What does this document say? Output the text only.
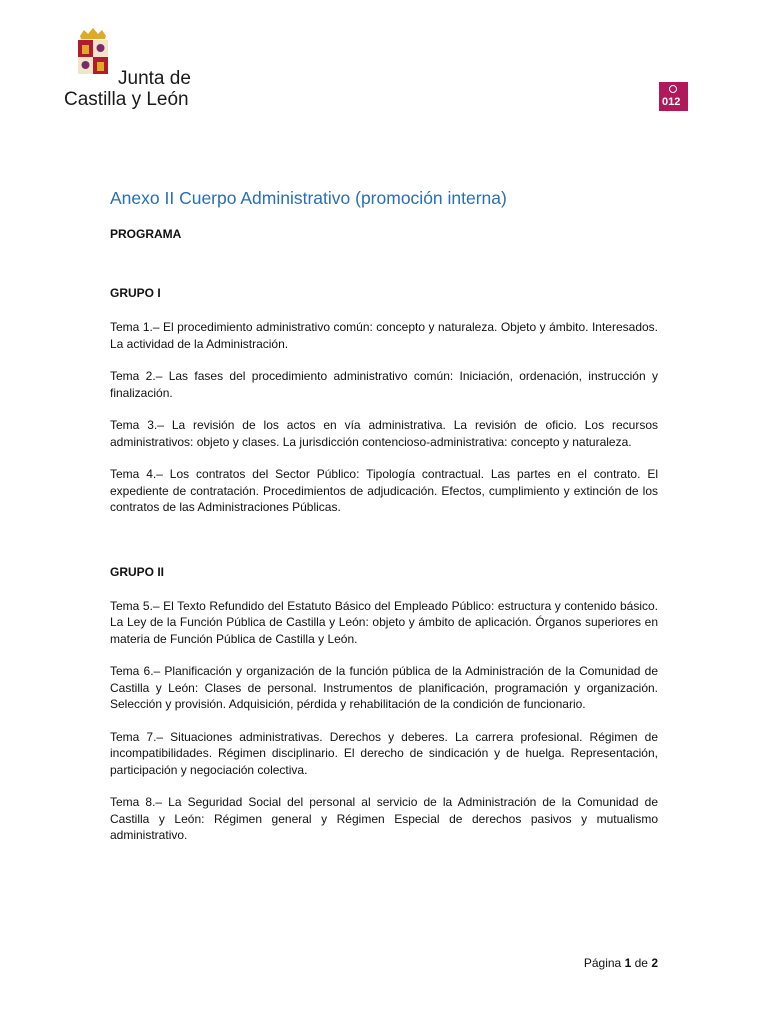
Junta de
Castilla y León	012
Anexo II Cuerpo Administrativo (promoción interna)

PROGRAMA

GRUPO I

Tema 1.– El procedimiento administrativo común: concepto y naturaleza. Objeto y ámbito. Interesados. La actividad de la Administración.

Tema 2.– Las fases del procedimiento administrativo común: Iniciación, ordenación, instrucción y finalización.

Tema 3.– La revisión de los actos en vía administrativa. La revisión de oficio. Los recursos administrativos: objeto y clases. La jurisdicción contencioso-administrativa: concepto y naturaleza.

Tema 4.– Los contratos del Sector Público: Tipología contractual. Las partes en el contrato. El expediente de contratación. Procedimientos de adjudicación. Efectos, cumplimiento y extinción de los contratos de las Administraciones Públicas.

GRUPO II

Tema 5.– El Texto Refundido del Estatuto Básico del Empleado Público: estructura y contenido básico. La Ley de la Función Pública de Castilla y León: objeto y ámbito de aplicación. Órganos superiores en materia de Función Pública de Castilla y León.

Tema 6.– Planificación y organización de la función pública de la Administración de la Comunidad de Castilla y León: Clases de personal. Instrumentos de planificación, programación y organización. Selección y provisión. Adquisición, pérdida y rehabilitación de la condición de funcionario.

Tema 7.– Situaciones administrativas. Derechos y deberes. La carrera profesional. Régimen de incompatibilidades. Régimen disciplinario. El derecho de sindicación y de huelga. Representación, participación y negociación colectiva.

Tema 8.– La Seguridad Social del personal al servicio de la Administración de la Comunidad de Castilla y León: Régimen general y Régimen Especial de derechos pasivos y mutualismo administrativo.

Página 1 de 2
